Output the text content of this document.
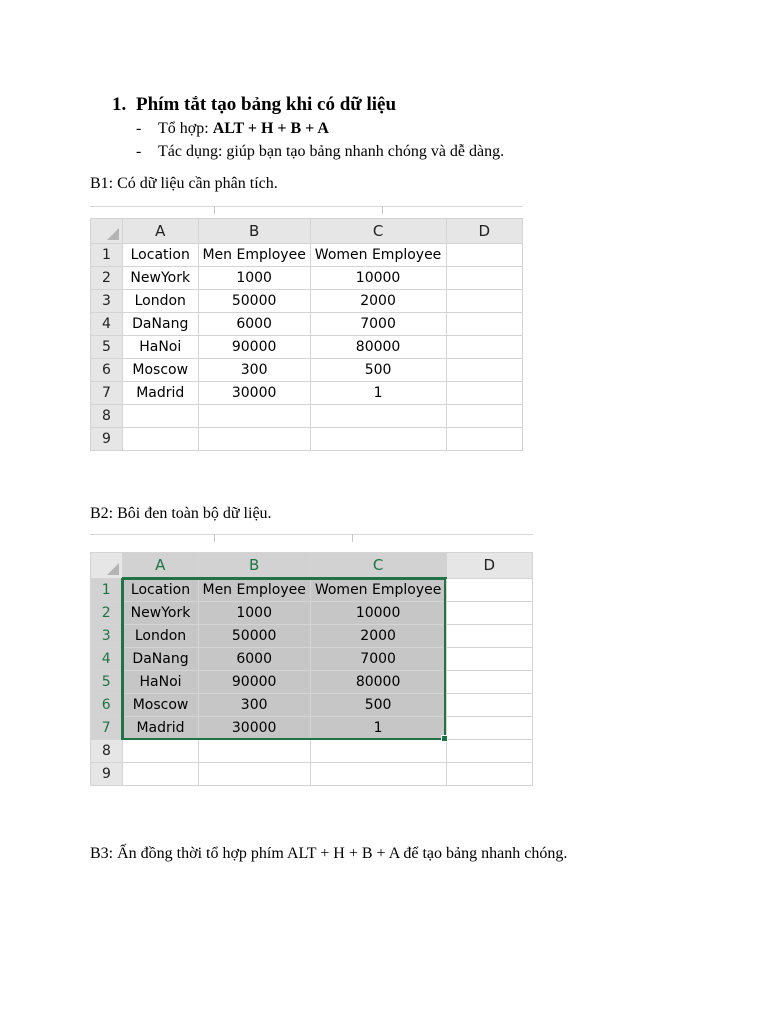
1. Phím tắt tạo bảng khi có dữ liệu
- Tổ hợp: ALT + H + B + A
- Tác dụng: giúp bạn tạo bảng nhanh chóng và dễ dàng.
B1: Có dữ liệu cần phân tích.
	A	B	C	D
1	Location	Men Employee	Women Employee	
2	NewYork	1000	10000	
3	London	50000	2000	
4	DaNang	6000	7000	
5	HaNoi	90000	80000	
6	Moscow	300	500	
7	Madrid	30000	1	
8				
9				
B2: Bôi đen toàn bộ dữ liệu.
	A	B	C	D
1	Location	Men Employee	Women Employee	
2	NewYork	1000	10000	
3	London	50000	2000	
4	DaNang	6000	7000	
5	HaNoi	90000	80000	
6	Moscow	300	500	
7	Madrid	30000	1	
8				
9				
B3: Ấn đồng thời tổ hợp phím ALT + H + B + A để tạo bảng nhanh chóng.
